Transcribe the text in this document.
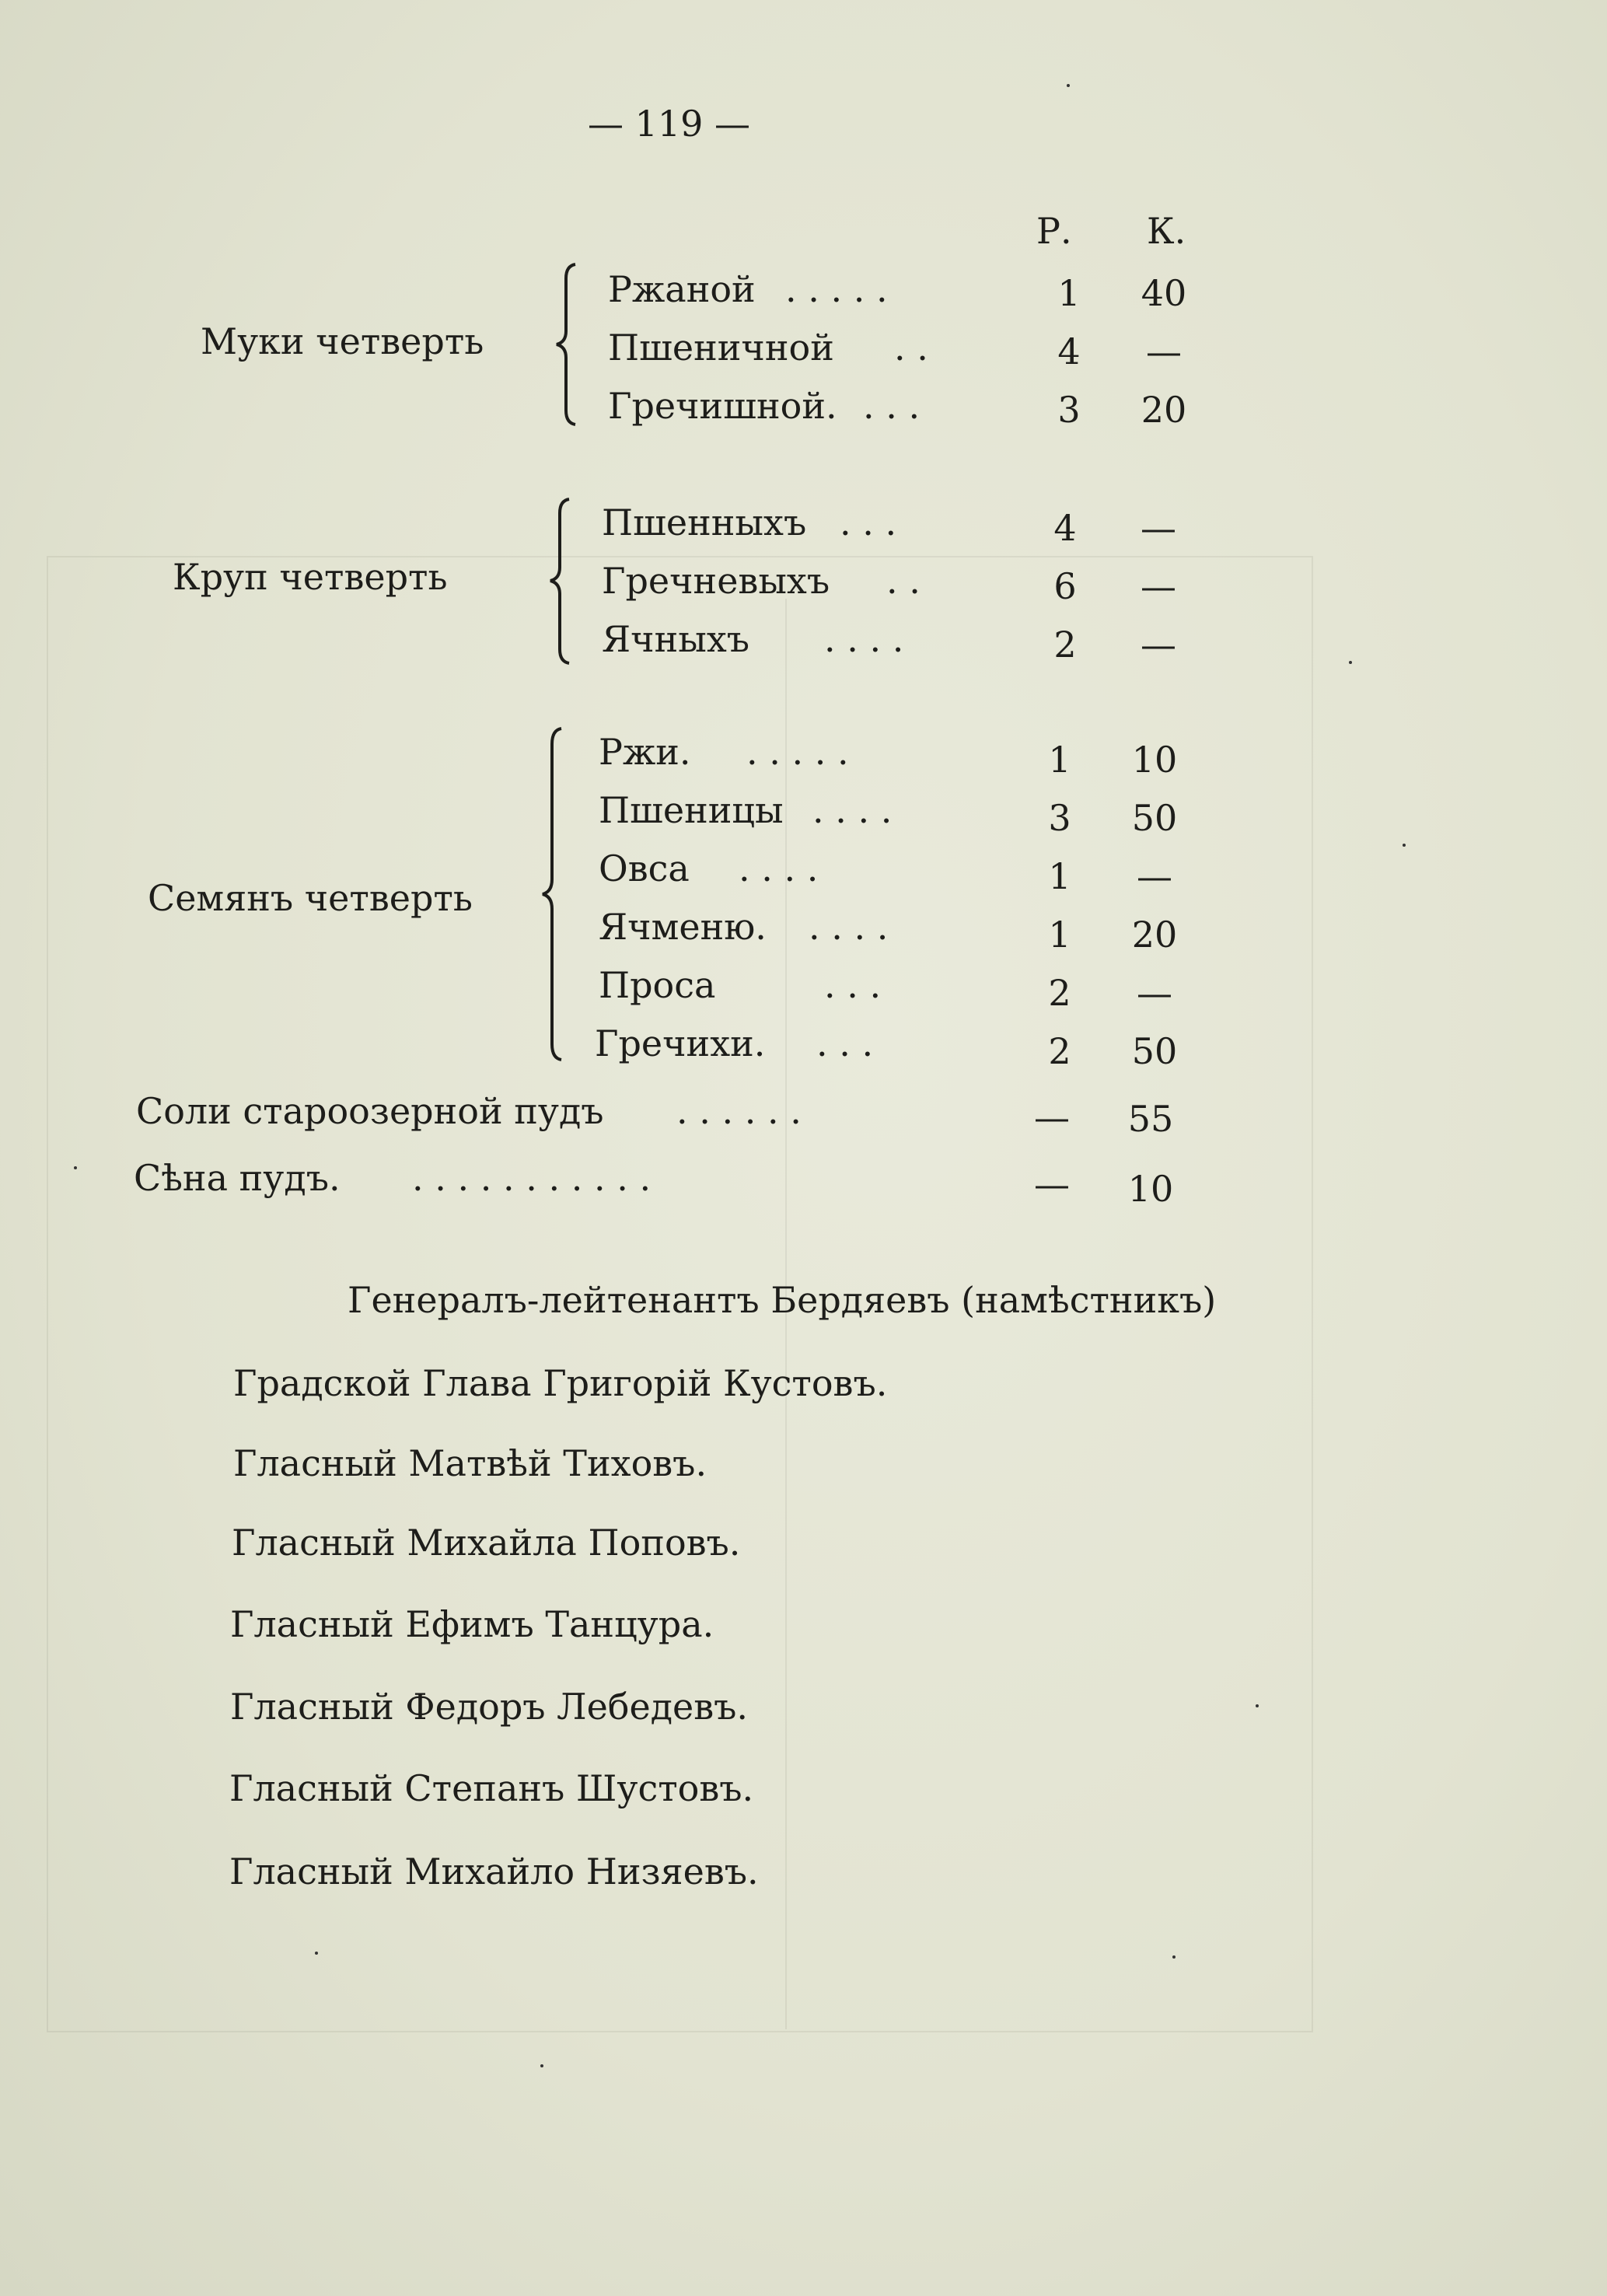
— 119 —
Р. К.
Муки четверть
Ржаной . . . . .	1	40
Пшеничной . .	4	—
Гречишной. . . .	3	20
Круп четверть
Пшенныхъ . . .	4	—
Гречневыхъ . .	6	—
Ячныхъ . . . .	2	—
Семянъ четверть
Ржи. . . . . .	1	10
Пшеницы . . . .	3	50
Овса . . . .	1	—
Ячменю. . . . .	1	20
Проса	. . .	2	—
Гречихи. . . .	2	50
Соли староозерной пудъ . . . . . .	—	55
Сѣна пудъ. . . . . . . . . . . .	—	10
Генералъ-лейтенантъ Бердяевъ (намѣстникъ)
Градской Глава Григорій Кустовъ.
Гласный Матвѣй Тиховъ.
Гласный Михайла Поповъ.
Гласный Ефимъ Танцура.
Гласный Федоръ Лебедевъ.
Гласный Степанъ Шустовъ.
Гласный Михайло Низяевъ.
